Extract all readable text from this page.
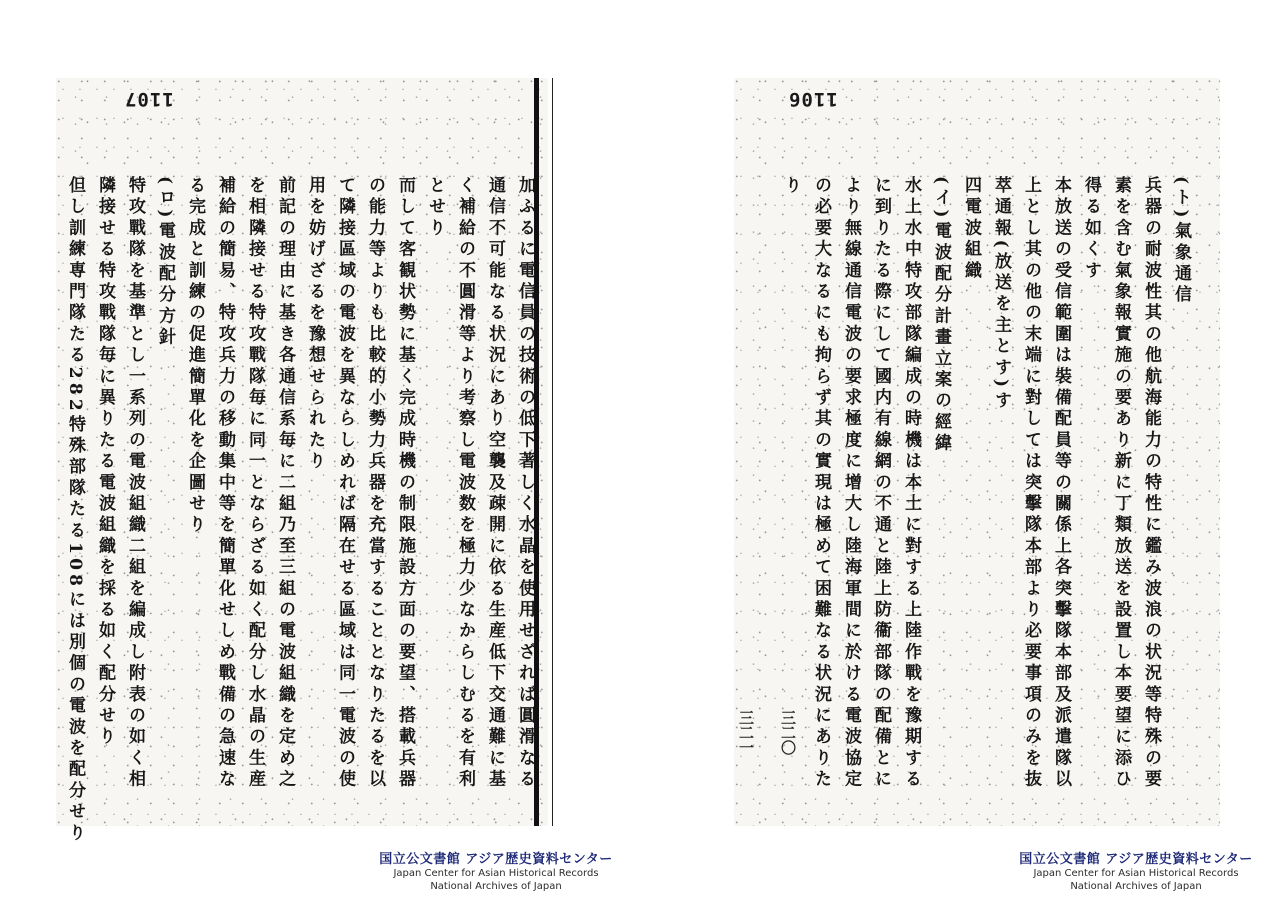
1107
加ふるに電信員の技術の低下著しく水晶を使用せざれば圓滑なる
通信不可能なる状況にあり空襲及疎開に依る生産低下交通難に基
く補給の不圓滑等より考察し電波数を極力少なからしむるを有利
とせり
而して客観状勢に基く完成時機の制限施設方面の要望、搭載兵器
の能力等よりも比較的小勢力兵器を充當することとなりたるを以
て隣接區域の電波を異ならしめれば隔在せる區域は同一電波の使
用を妨げざるを豫想せられたり
前記の理由に基き各通信系毎に二組乃至三組の電波組織を定め之
を相隣接せる特攻戰隊毎に同一とならざる如く配分し水晶の生産
補給の簡易、特攻兵力の移動集中等を簡單化せしめ戰備の急速な
る完成と訓練の促進簡單化を企圖せり
(ロ)電波配分方針
特攻戰隊を基準とし一系列の電波組織二組を編成し附表の如く相
隣接せる特攻戰隊毎に異りたる電波組織を採る如く配分せり
但し訓練専門隊たる282特殊部隊たる108には別個の電波を配分せり
1106
(ト)氣象通信
兵器の耐波性其の他航海能力の特性に鑑み波浪の状況等特殊の要
素を含む氣象報實施の要あり新に丁類放送を設置し本要望に添ひ
得る如くす
本放送の受信範圍は裝備配員等の關係上各突擊隊本部及派遣隊以
上とし其の他の末端に對しては突擊隊本部より必要事項のみを抜
萃通報(放送を主とす)す
四電波組織
(イ)電波配分計畫立案の經緯
水上水中特攻部隊編成の時機は本土に對する上陸作戰を豫期する
に到りたる際にして國内有線網の不通と陸上防衞部隊の配備とに
より無線通信電波の要求極度に增大し陸海軍間に於ける電波協定
の必要大なるにも拘らず其の實現は極めて困難なる状況にありた
り
三二一 三二〇
国立公文書館 アジア歴史資料センター
Japan Center for Asian Historical Records
National Archives of Japan
国立公文書館 アジア歴史資料センター
Japan Center for Asian Historical Records
National Archives of Japan
